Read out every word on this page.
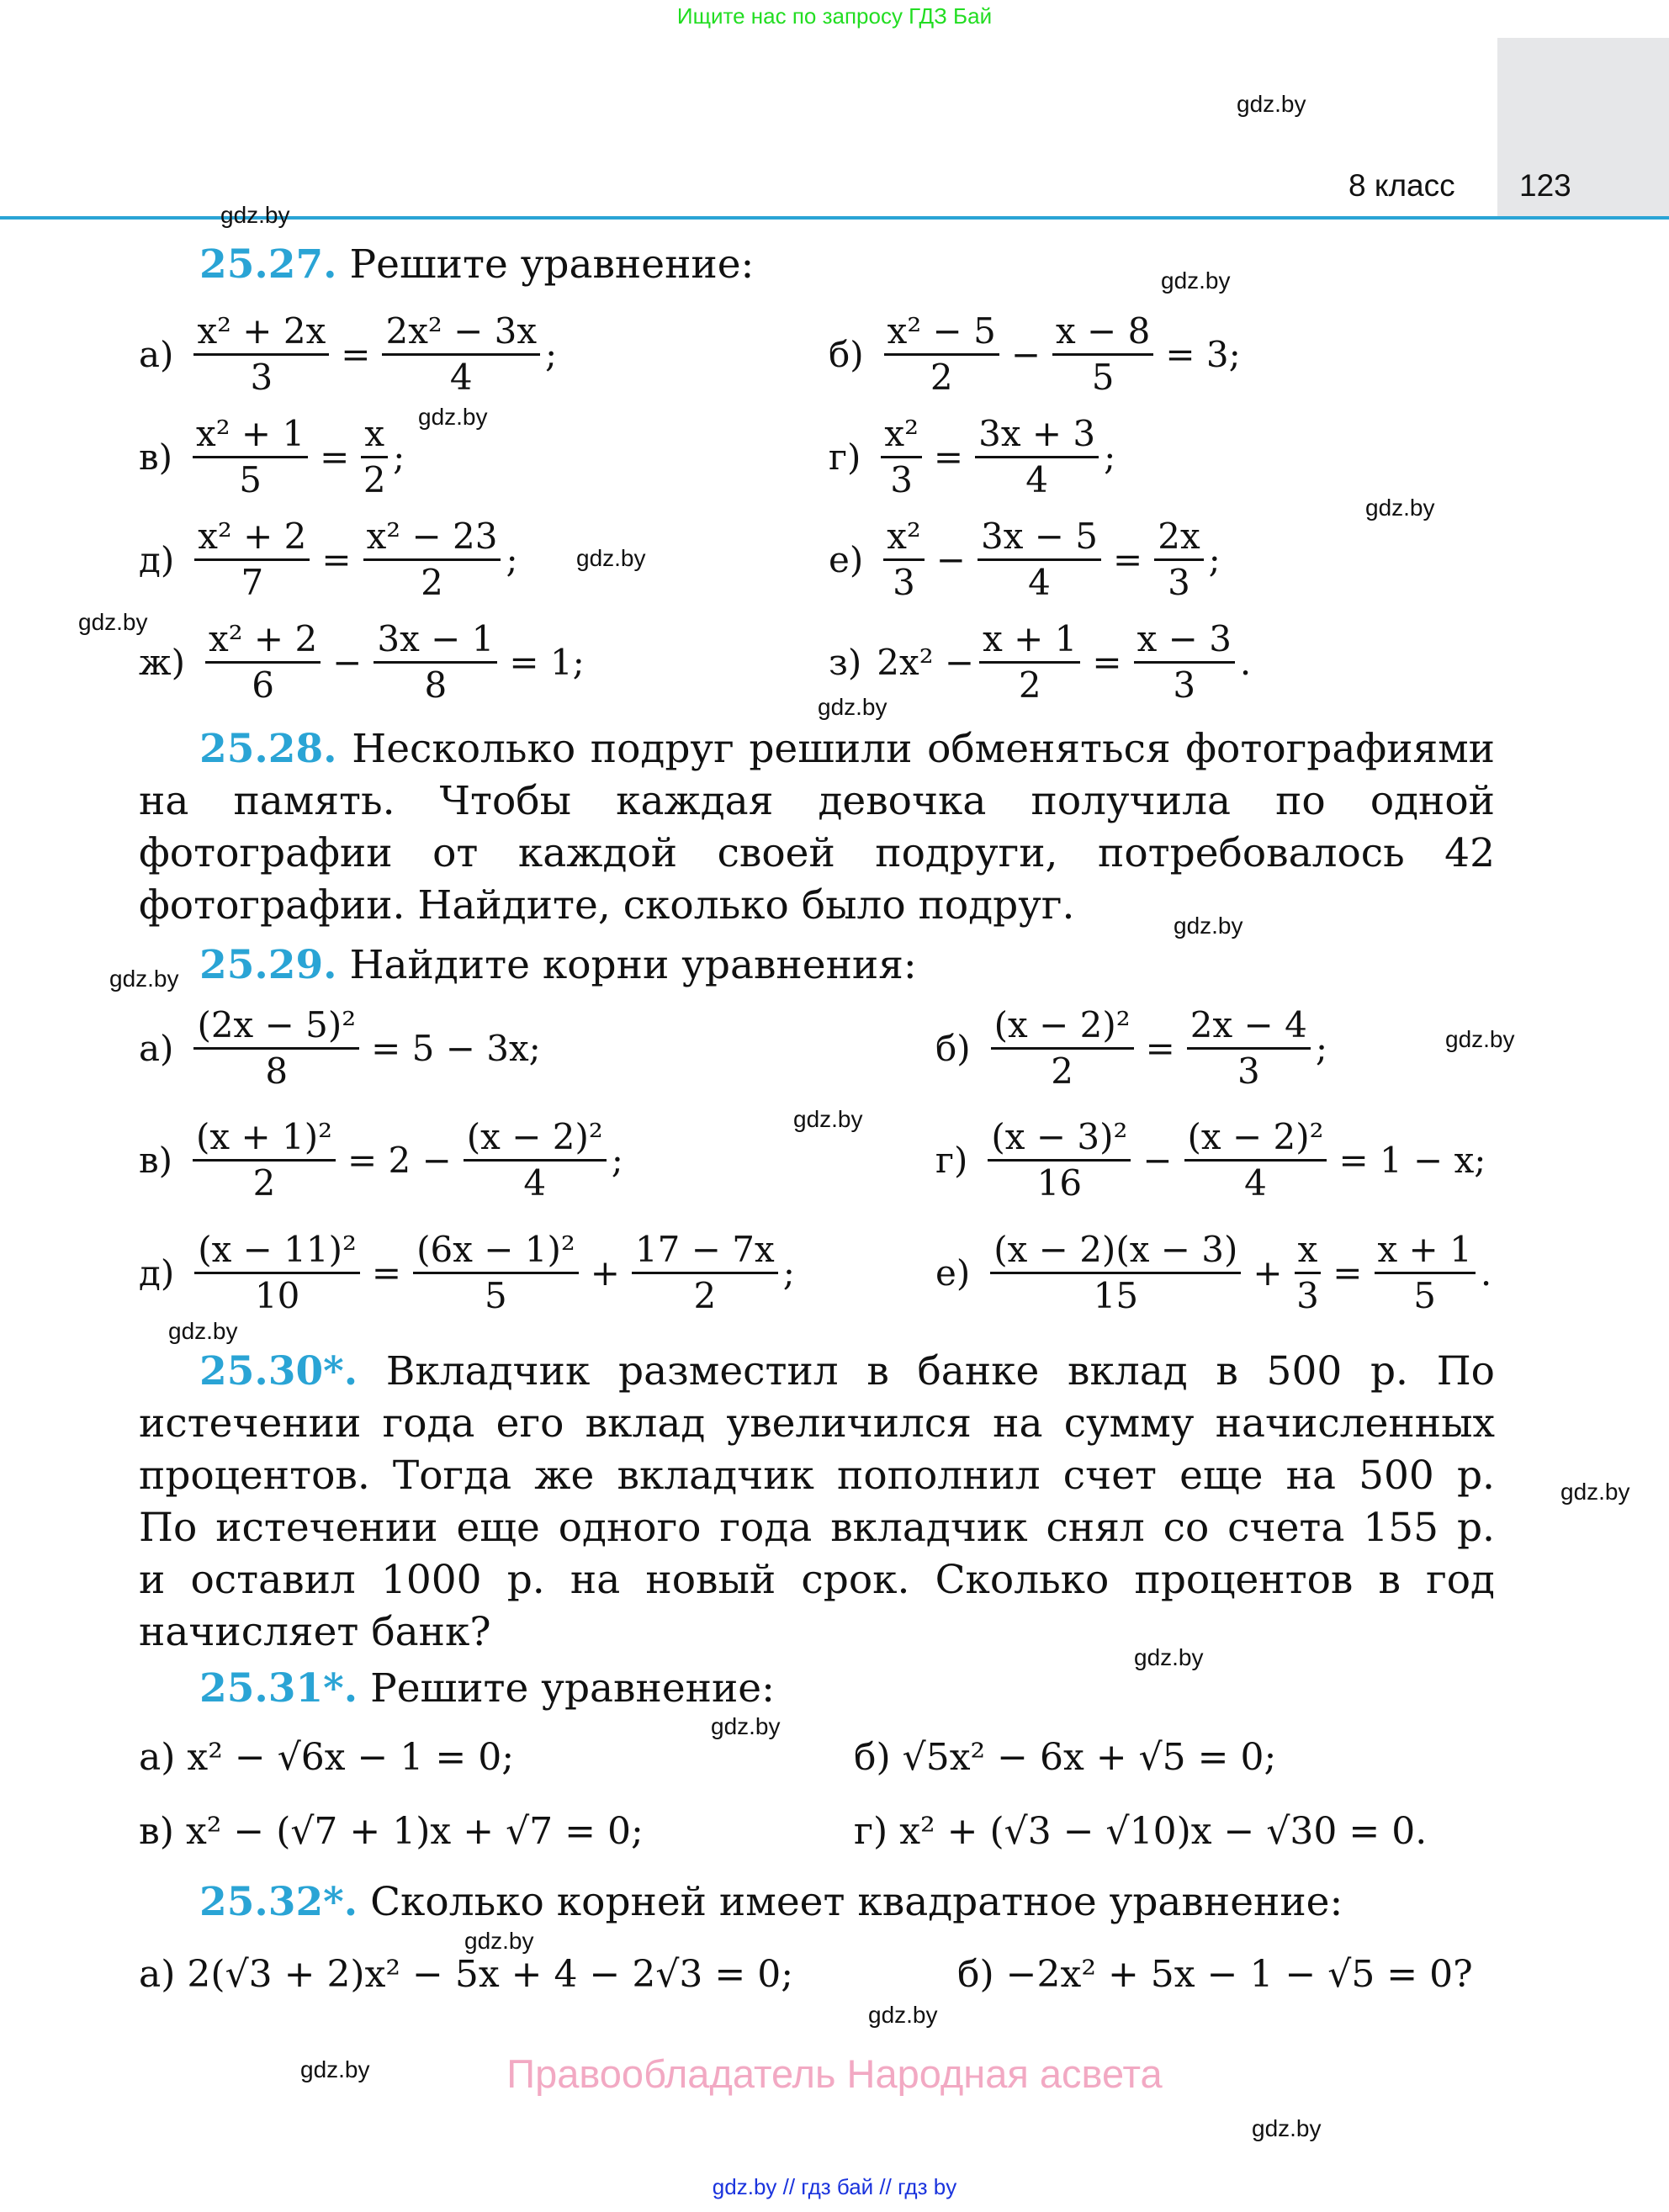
Ищите нас по запросу ГДЗ Бай
8 класс 123
gdz.by
gdz.by
gdz.by
gdz.by
gdz.by
gdz.by
gdz.by
gdz.by
gdz.by
gdz.by
gdz.by
gdz.by
gdz.by
gdz.by
gdz.by
gdz.by
gdz.by
gdz.by
gdz.by
gdz.by
25.27. Решите уравнение:
$а) \frac{\text{x² + 2x}}{3} = \frac{\text{2x² − 3x}}{4}$ ;	$б) \frac{\text{x² − 5}}{2} - \frac{x - 8}{5} = 3$;
$в) \frac{\text{x² + 1}}{5} = \frac{x}{2}$ ;	$г) \frac{\text{x²}}{3} = \frac{3x + 3}{4}$ ;
$д) \frac{\text{x² + 2}}{7} = \frac{\text{x² − 23}}{2}$ ;	$е) \frac{\text{x²}}{3} - \frac{3x - 5}{4} = \frac{2x}{3}$ ;
$ж) \frac{\text{x² + 2}}{6} - \frac{3x - 1}{8} = 1$;	з) $2x^2 - \frac{x + 1}{2} = \frac{x - 3}{3}$ .
25.28. Несколько подруг решили обменяться фотографиями на память. Чтобы каждая девочка получила по одной фотографии от каждой своей подруги, потребовалось 42 фотографии. Найдите, сколько было подруг.
25.29. Найдите корни уравнения:
$а) \frac{\text{(2x − 5)²}}{8} = 5 - 3x$;	$б) \frac{\text{(x − 2)²}}{2} = \frac{2x - 4}{3}$ ;
$в) \frac{\text{(x + 1)²}}{2} = 2 - \frac{\text{(x − 2)²}}{4}$ ;	$г) \frac{\text{(x − 3)²}}{16} - \frac{\text{(x − 2)²}}{4} = 1 - x$;
$д) \frac{\text{(x − 11)²}}{10} = \frac{\text{(6x − 1)²}}{5} + \frac{17 - 7x}{2}$ ;	$е) \frac{(x - 2)(x - 3)}{15} + \frac{x}{3} = \frac{x + 1}{5}$ .
25.30*. Вкладчик разместил в банке вклад в 500 р. По
истечении года его вклад увеличился на сумму начисленных
процентов. Тогда же вкладчик пополнил счет еще на 500 р.
По истечении еще одного года вкладчик снял со счета 155 р.
и оставил 1000 р. на новый срок. Сколько процентов в год
начисляет банк?
25.31*. Решите уравнение:
а) x² − √6x − 1 = 0;	б) √5x² − 6x + √5 = 0;
в) x² − (√7 + 1)x + √7 = 0;	г) x² + (√3 − √10)x − √30 = 0.
25.32*. Сколько корней имеет квадратное уравнение:
а) 2(√3 + 2)x² − 5x + 4 − 2√3 = 0;	б) −2x² + 5x − 1 − √5 = 0?
Правообладатель Народная асвета
gdz.by // гдз бай // гдз by
